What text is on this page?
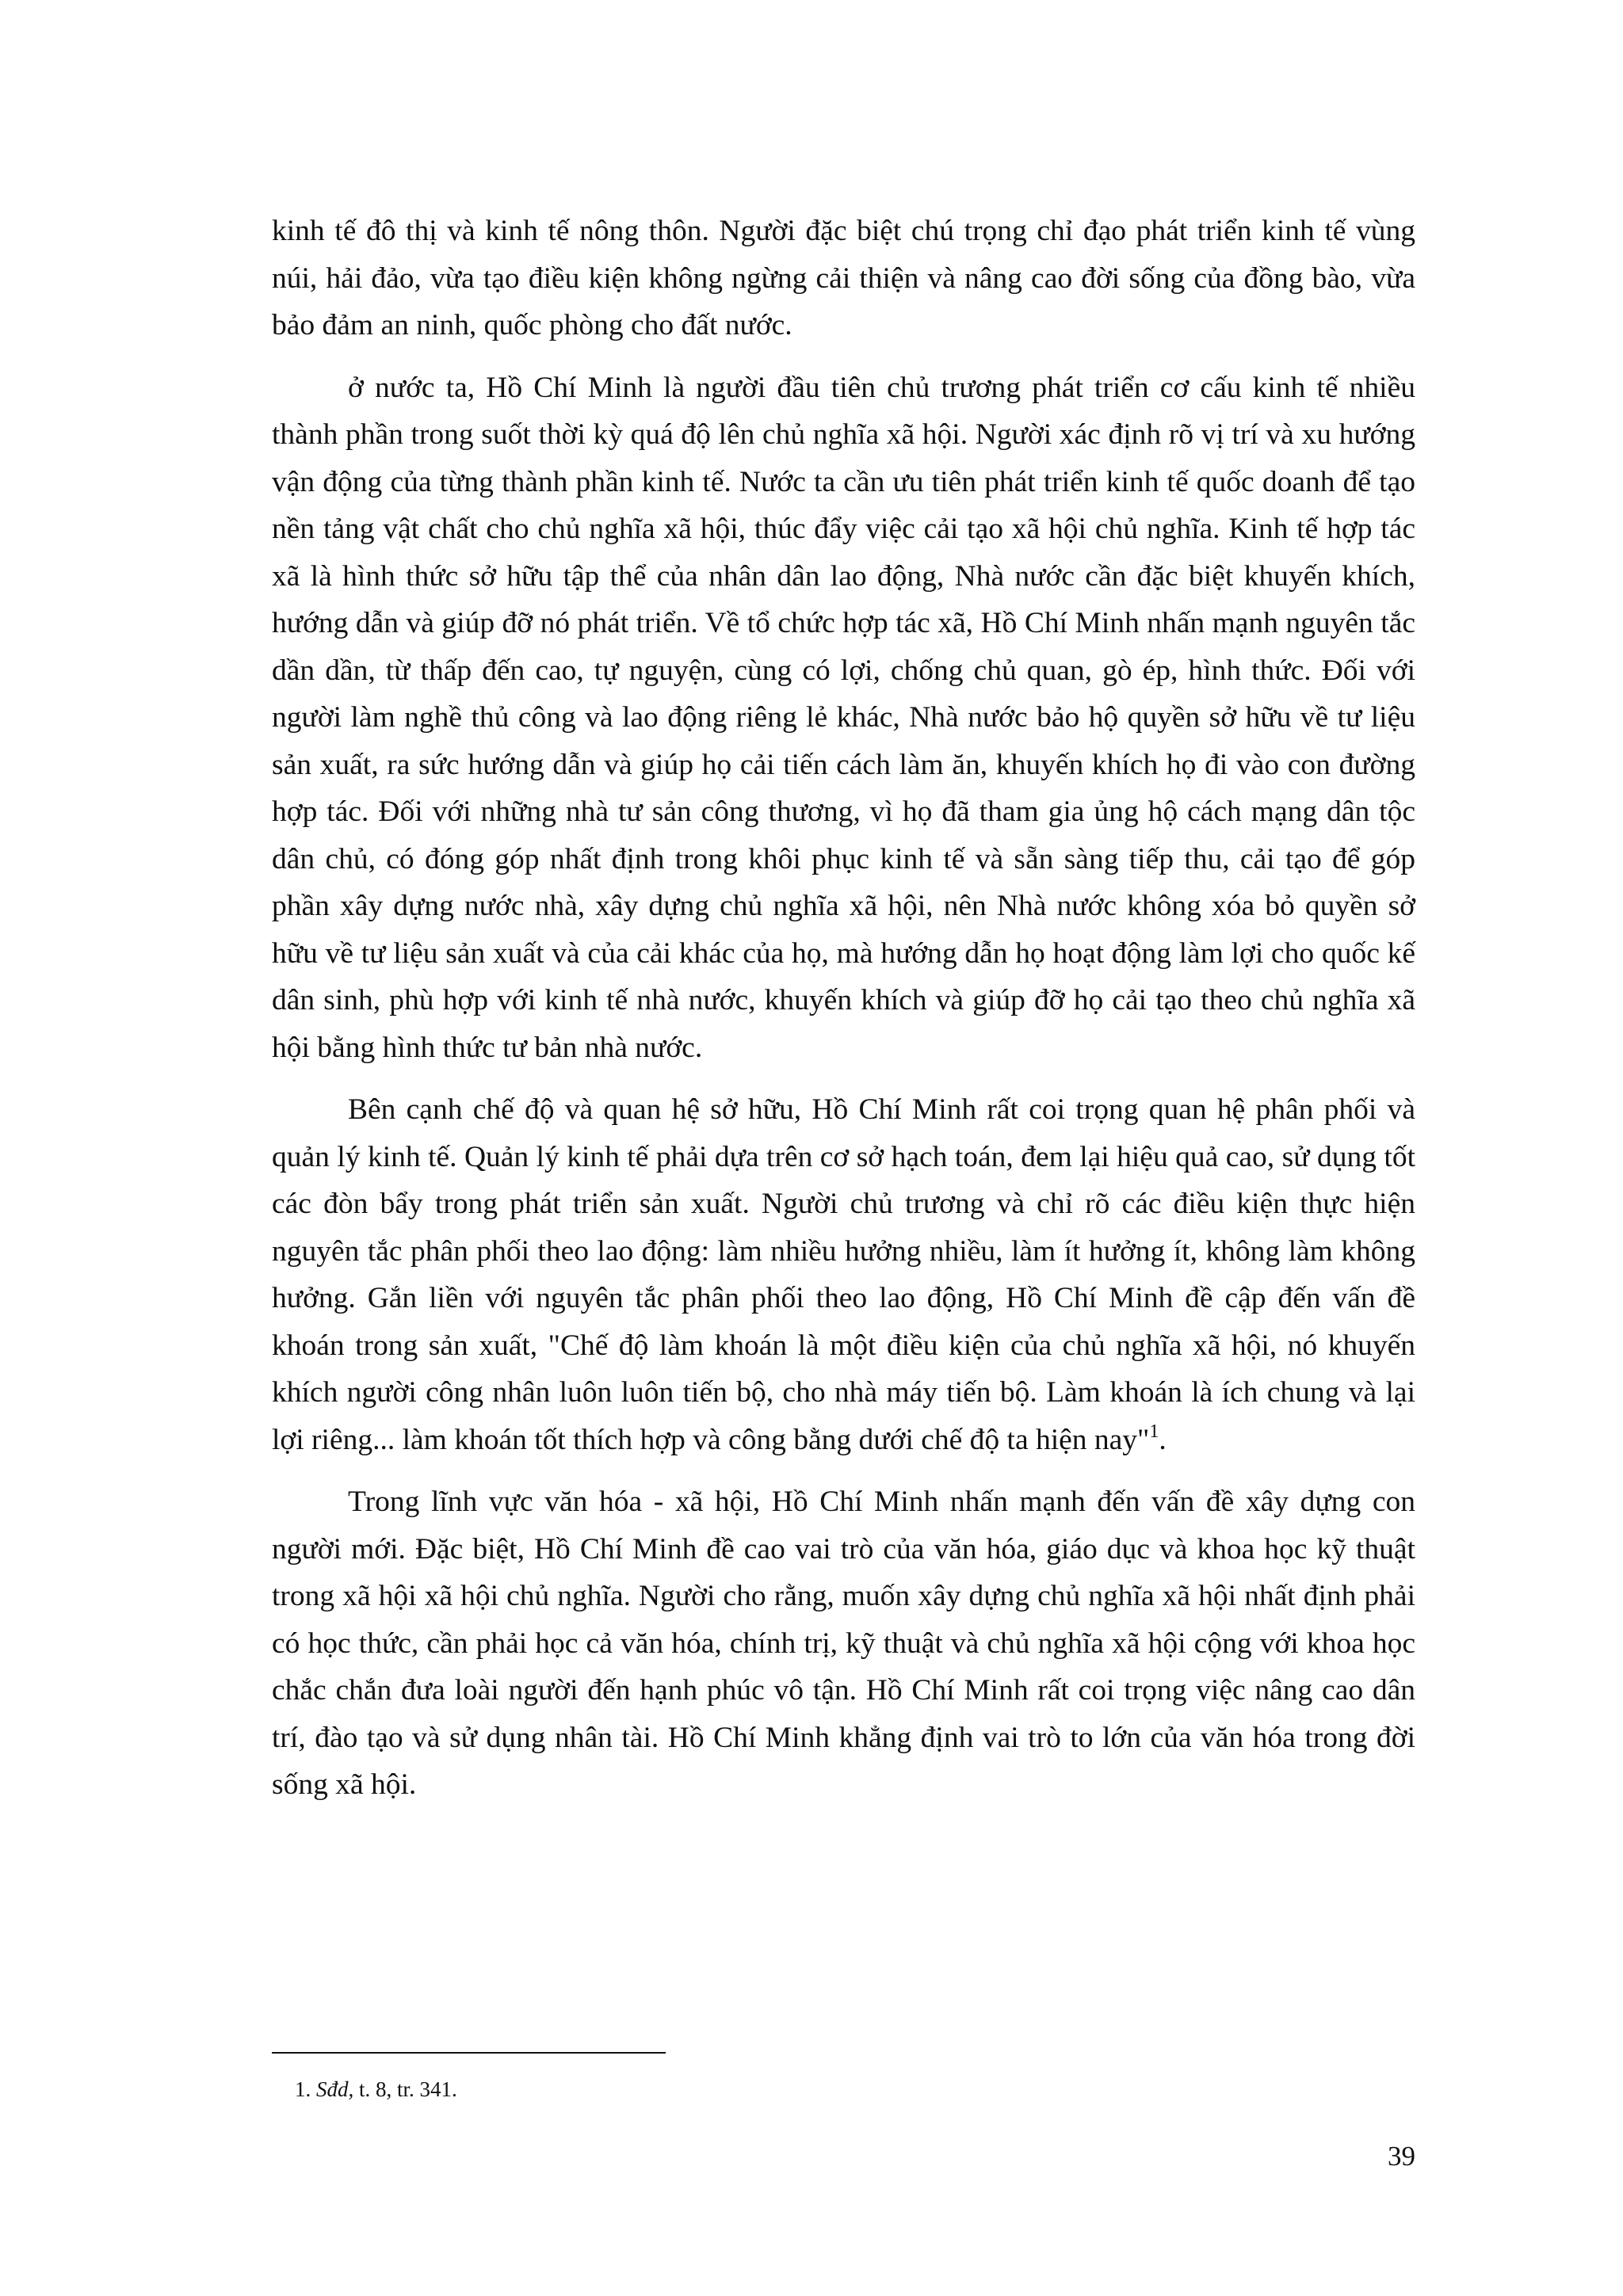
kinh tế đô thị và kinh tế nông thôn. Người đặc biệt chú trọng chỉ đạo phát triển kinh tế vùng núi, hải đảo, vừa tạo điều kiện không ngừng cải thiện và nâng cao đời sống của đồng bào, vừa bảo đảm an ninh, quốc phòng cho đất nước.

ở nước ta, Hồ Chí Minh là người đầu tiên chủ trương phát triển cơ cấu kinh tế nhiều thành phần trong suốt thời kỳ quá độ lên chủ nghĩa xã hội. Người xác định rõ vị trí và xu hướng vận động của từng thành phần kinh tế. Nước ta cần ưu tiên phát triển kinh tế quốc doanh để tạo nền tảng vật chất cho chủ nghĩa xã hội, thúc đẩy việc cải tạo xã hội chủ nghĩa. Kinh tế hợp tác xã là hình thức sở hữu tập thể của nhân dân lao động, Nhà nước cần đặc biệt khuyến khích, hướng dẫn và giúp đỡ nó phát triển. Về tổ chức hợp tác xã, Hồ Chí Minh nhấn mạnh nguyên tắc dần dần, từ thấp đến cao, tự nguyện, cùng có lợi, chống chủ quan, gò ép, hình thức. Đối với người làm nghề thủ công và lao động riêng lẻ khác, Nhà nước bảo hộ quyền sở hữu về tư liệu sản xuất, ra sức hướng dẫn và giúp họ cải tiến cách làm ăn, khuyến khích họ đi vào con đường hợp tác. Đối với những nhà tư sản công thương, vì họ đã tham gia ủng hộ cách mạng dân tộc dân chủ, có đóng góp nhất định trong khôi phục kinh tế và sẵn sàng tiếp thu, cải tạo để góp phần xây dựng nước nhà, xây dựng chủ nghĩa xã hội, nên Nhà nước không xóa bỏ quyền sở hữu về tư liệu sản xuất và của cải khác của họ, mà hướng dẫn họ hoạt động làm lợi cho quốc kế dân sinh, phù hợp với kinh tế nhà nước, khuyến khích và giúp đỡ họ cải tạo theo chủ nghĩa xã hội bằng hình thức tư bản nhà nước.

Bên cạnh chế độ và quan hệ sở hữu, Hồ Chí Minh rất coi trọng quan hệ phân phối và quản lý kinh tế. Quản lý kinh tế phải dựa trên cơ sở hạch toán, đem lại hiệu quả cao, sử dụng tốt các đòn bẩy trong phát triển sản xuất. Người chủ trương và chỉ rõ các điều kiện thực hiện nguyên tắc phân phối theo lao động: làm nhiều hưởng nhiều, làm ít hưởng ít, không làm không hưởng. Gắn liền với nguyên tắc phân phối theo lao động, Hồ Chí Minh đề cập đến vấn đề khoán trong sản xuất, "Chế độ làm khoán là một điều kiện của chủ nghĩa xã hội, nó khuyến khích người công nhân luôn luôn tiến bộ, cho nhà máy tiến bộ. Làm khoán là ích chung và lại lợi riêng... làm khoán tốt thích hợp và công bằng dưới chế độ ta hiện nay"$^1$.

Trong lĩnh vực văn hóa - xã hội, Hồ Chí Minh nhấn mạnh đến vấn đề xây dựng con người mới. Đặc biệt, Hồ Chí Minh đề cao vai trò của văn hóa, giáo dục và khoa học kỹ thuật trong xã hội xã hội chủ nghĩa. Người cho rằng, muốn xây dựng chủ nghĩa xã hội nhất định phải có học thức, cần phải học cả văn hóa, chính trị, kỹ thuật và chủ nghĩa xã hội cộng với khoa học chắc chắn đưa loài người đến hạnh phúc vô tận. Hồ Chí Minh rất coi trọng việc nâng cao dân trí, đào tạo và sử dụng nhân tài. Hồ Chí Minh khẳng định vai trò to lớn của văn hóa trong đời sống xã hội.

1. Sđd, t. 8, tr. 341.

39
